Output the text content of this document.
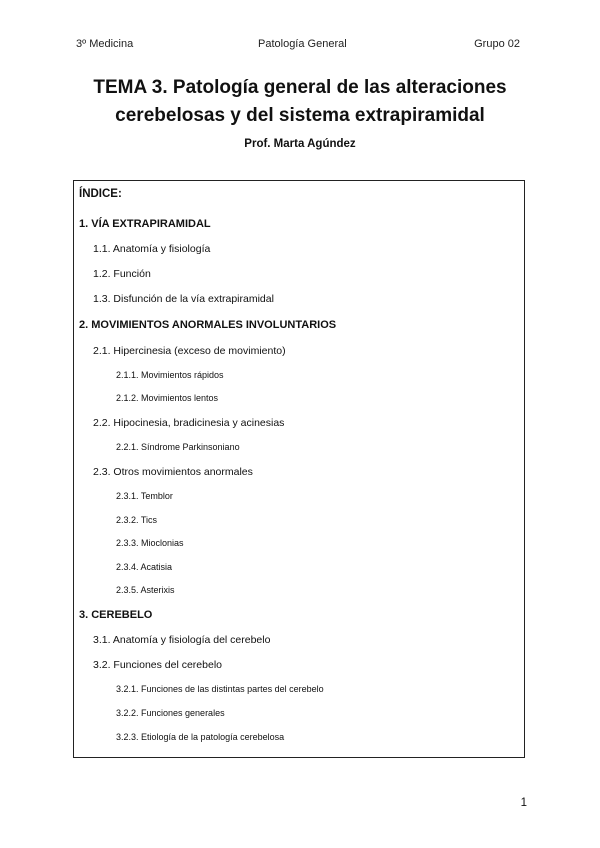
3º Medicina	Patología General	Grupo 02
TEMA 3. Patología general de las alteraciones
cerebelosas y del sistema extrapiramidal
Prof. Marta Agúndez
ÍNDICE:
1. VÍA EXTRAPIRAMIDAL
1.1. Anatomía y fisiología
1.2. Función
1.3. Disfunción de la vía extrapiramidal
2. MOVIMIENTOS ANORMALES INVOLUNTARIOS
2.1. Hipercinesia (exceso de movimiento)
2.1.1. Movimientos rápidos
2.1.2. Movimientos lentos
2.2. Hipocinesia, bradicinesia y acinesias
2.2.1. Síndrome Parkinsoniano
2.3. Otros movimientos anormales
2.3.1. Temblor
2.3.2. Tics
2.3.3. Mioclonias
2.3.4. Acatisia
2.3.5. Asterixis
3. CEREBELO
3.1. Anatomía y fisiología del cerebelo
3.2. Funciones del cerebelo
3.2.1. Funciones de las distintas partes del cerebelo
3.2.2. Funciones generales
3.2.3. Etiología de la patología cerebelosa
1
